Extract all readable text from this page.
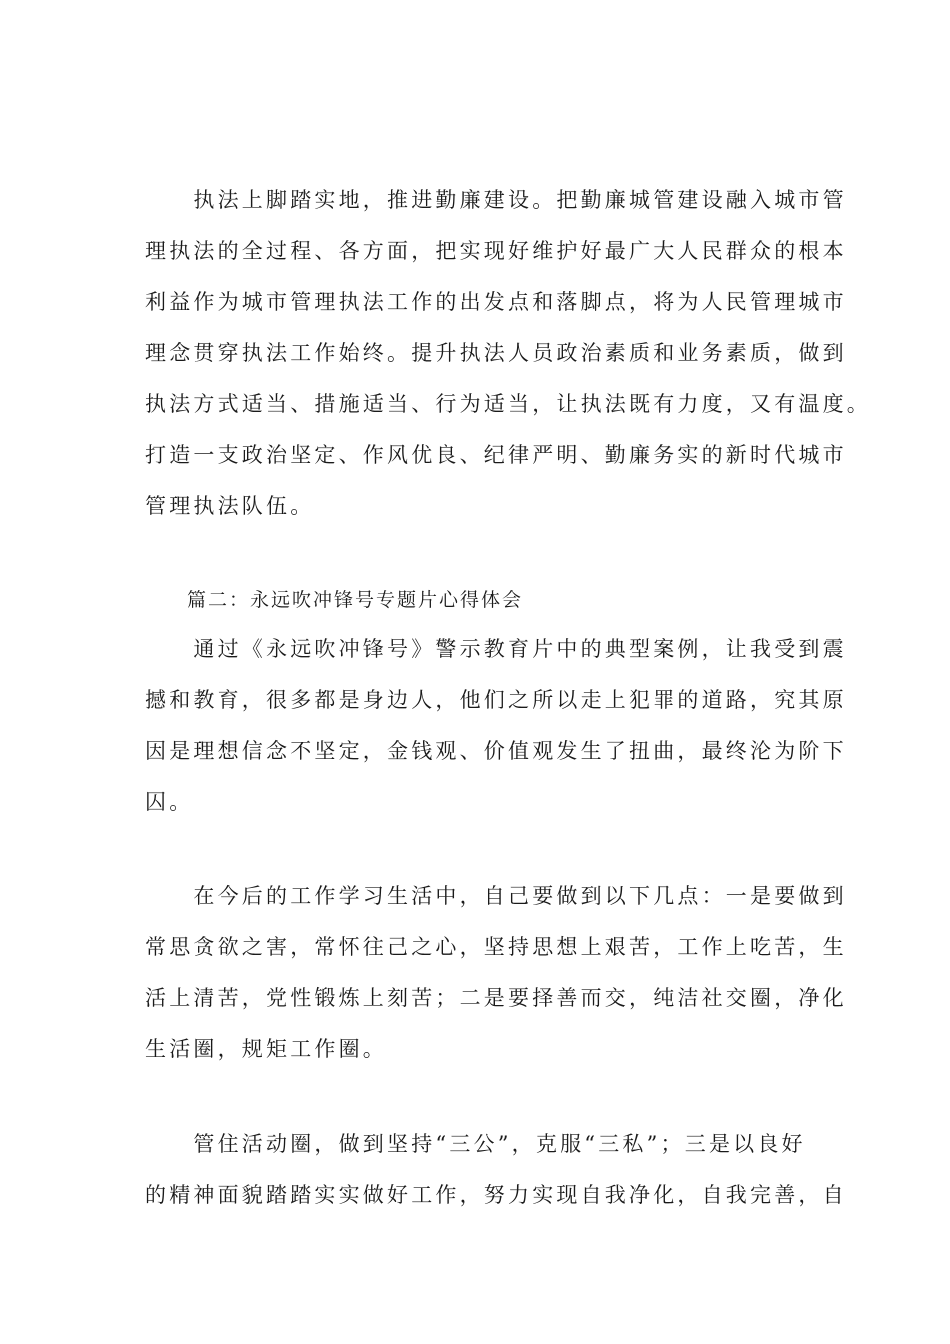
　　执法上脚踏实地，推进勤廉建设。把勤廉城管建设融入城市管
理执法的全过程、各方面，把实现好维护好最广大人民群众的根本
利益作为城市管理执法工作的出发点和落脚点，将为人民管理城市
理念贯穿执法工作始终。提升执法人员政治素质和业务素质，做到
执法方式适当、措施适当、行为适当，让执法既有力度，又有温度。
打造一支政治坚定、作风优良、纪律严明、勤廉务实的新时代城市
管理执法队伍。
　　篇二：永远吹冲锋号专题片心得体会
　　通过《永远吹冲锋号》警示教育片中的典型案例，让我受到震
撼和教育，很多都是身边人，他们之所以走上犯罪的道路，究其原
因是理想信念不坚定，金钱观、价值观发生了扭曲，最终沦为阶下
囚。
　　在今后的工作学习生活中，自己要做到以下几点：一是要做到
常思贪欲之害，常怀往己之心，坚持思想上艰苦，工作上吃苦，生
活上清苦，党性锻炼上刻苦；二是要择善而交，纯洁社交圈，净化
生活圈，规矩工作圈。
　　管住活动圈，做到坚持“三公”，克服“三私”；三是以良好
的精神面貌踏踏实实做好工作，努力实现自我净化，自我完善，自
